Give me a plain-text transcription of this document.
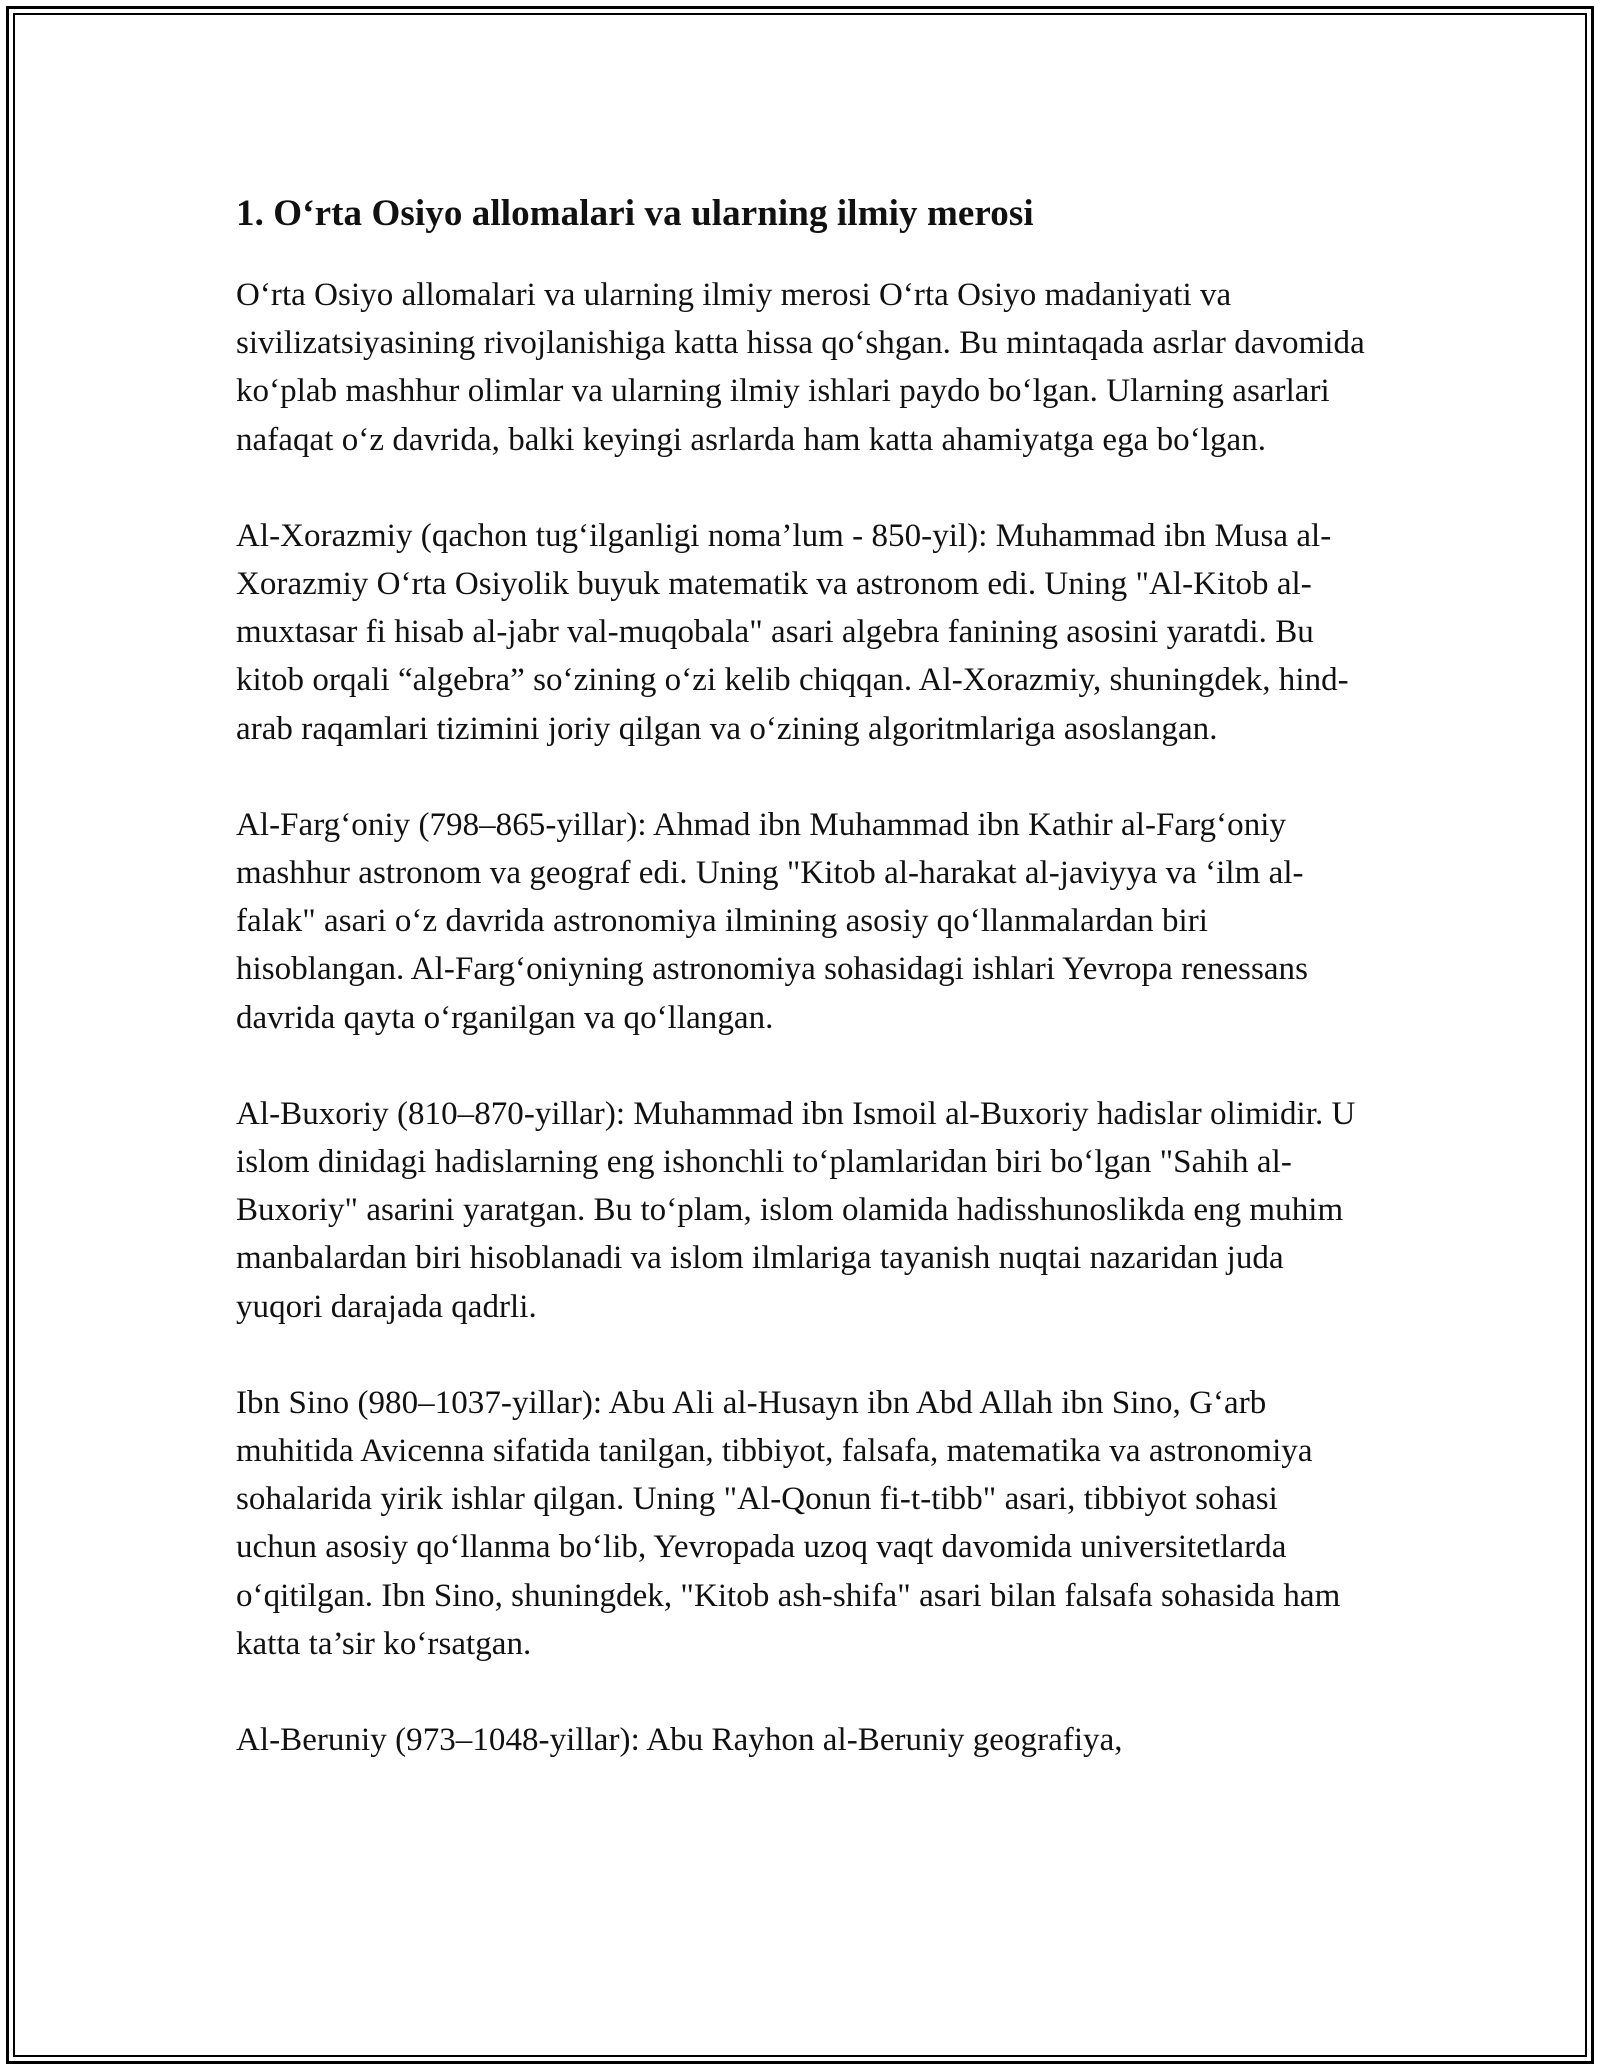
1. O‘rta Osiyo allomalari va ularning ilmiy merosi

O‘rta Osiyo allomalari va ularning ilmiy merosi O‘rta Osiyo madaniyati va sivilizatsiyasining rivojlanishiga katta hissa qo‘shgan. Bu mintaqada asrlar davomida ko‘plab mashhur olimlar va ularning ilmiy ishlari paydo bo‘lgan. Ularning asarlari nafaqat o‘z davrida, balki keyingi asrlarda ham katta ahamiyatga ega bo‘lgan.

Al-Xorazmiy (qachon tug‘ilganligi noma’lum - 850-yil): Muhammad ibn Musa al-Xorazmiy O‘rta Osiyolik buyuk matematik va astronom edi. Uning "Al-Kitob al-muxtasar fi hisab al-jabr val-muqobala" asari algebra fanining asosini yaratdi. Bu kitob orqali “algebra” so‘zining o‘zi kelib chiqqan. Al-Xorazmiy, shuningdek, hind-arab raqamlari tizimini joriy qilgan va o‘zining algoritmlariga asoslangan.

Al-Farg‘oniy (798–865-yillar): Ahmad ibn Muhammad ibn Kathir al-Farg‘oniy mashhur astronom va geograf edi. Uning "Kitob al-harakat al-javiyya va ‘ilm al-falak" asari o‘z davrida astronomiya ilmining asosiy qo‘llanmalardan biri hisoblangan. Al-Farg‘oniyning astronomiya sohasidagi ishlari Yevropa renessans davrida qayta o‘rganilgan va qo‘llangan.

Al-Buxoriy (810–870-yillar): Muhammad ibn Ismoil al-Buxoriy hadislar olimidir. U islom dinidagi hadislarning eng ishonchli to‘plamlaridan biri bo‘lgan "Sahih al-Buxoriy" asarini yaratgan. Bu to‘plam, islom olamida hadisshunoslikda eng muhim manbalardan biri hisoblanadi va islom ilmlariga tayanish nuqtai nazaridan juda yuqori darajada qadrli.

Ibn Sino (980–1037-yillar): Abu Ali al-Husayn ibn Abd Allah ibn Sino, G‘arb muhitida Avicenna sifatida tanilgan, tibbiyot, falsafa, matematika va astronomiya sohalarida yirik ishlar qilgan. Uning "Al-Qonun fi-t-tibb" asari, tibbiyot sohasi uchun asosiy qo‘llanma bo‘lib, Yevropada uzoq vaqt davomida universitetlarda o‘qitilgan. Ibn Sino, shuningdek, "Kitob ash-shifa" asari bilan falsafa sohasida ham katta ta’sir ko‘rsatgan.

Al-Beruniy (973–1048-yillar): Abu Rayhon al-Beruniy geografiya,
